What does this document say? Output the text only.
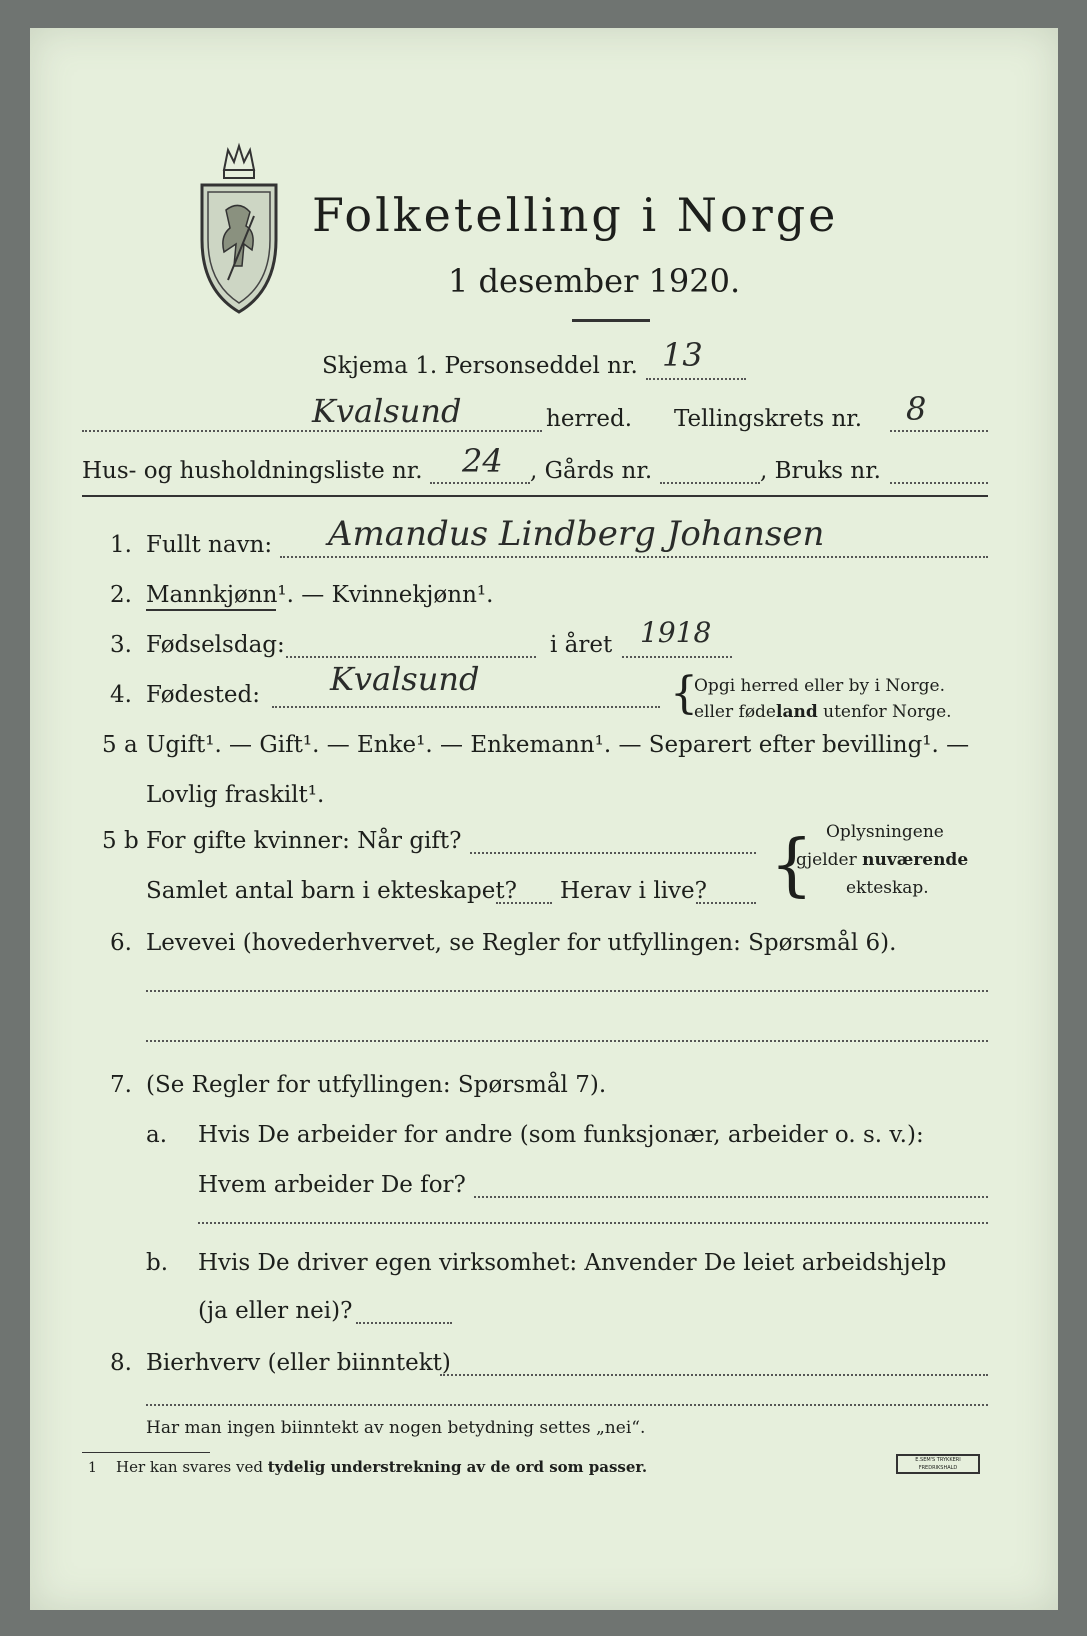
Folketelling i Norge
1 desember 1920.
Skjema 1. Personseddel nr. 13
Kvalsund	herred. Tellingskrets nr. 8
Hus- og husholdningsliste nr. 24 , Gårds nr.	, Bruks nr.
1. Fullt navn: Amandus Lindberg Johansen
2. Mannkjønn¹. — Kvinnekjønn¹.
3. Fødselsdag:	i året 1918
4. Fødested: Kvalsund	{
Opgi herred eller by i Norge.
eller fødeland utenfor Norge.
5 a Ugift¹. — Gift¹. — Enke¹. — Enkemann¹. — Separert efter bevilling¹. —
Lovlig fraskilt¹.
5 b For gifte kvinner: Når gift?
Samlet antal barn i ekteskapet? Herav i live? { Oplysningene
gjelder nuværende
ekteskap.
6. Levevei (hovederhvervet, se Regler for utfyllingen: Spørsmål 6).
7. (Se Regler for utfyllingen: Spørsmål 7).
a. Hvis De arbeider for andre (som funksjonær, arbeider o. s. v.):
Hvem arbeider De for?
b. Hvis De driver egen virksomhet: Anvender De leiet arbeidshjelp
(ja eller nei)?
8. Bierhverv (eller biinntekt)
Har man ingen biinntekt av nogen betydning settes „nei“.
1 Her kan svares ved tydelig understrekning av de ord som passer.	E.SEM'S TRYKKERI FREDRIKSHALD
